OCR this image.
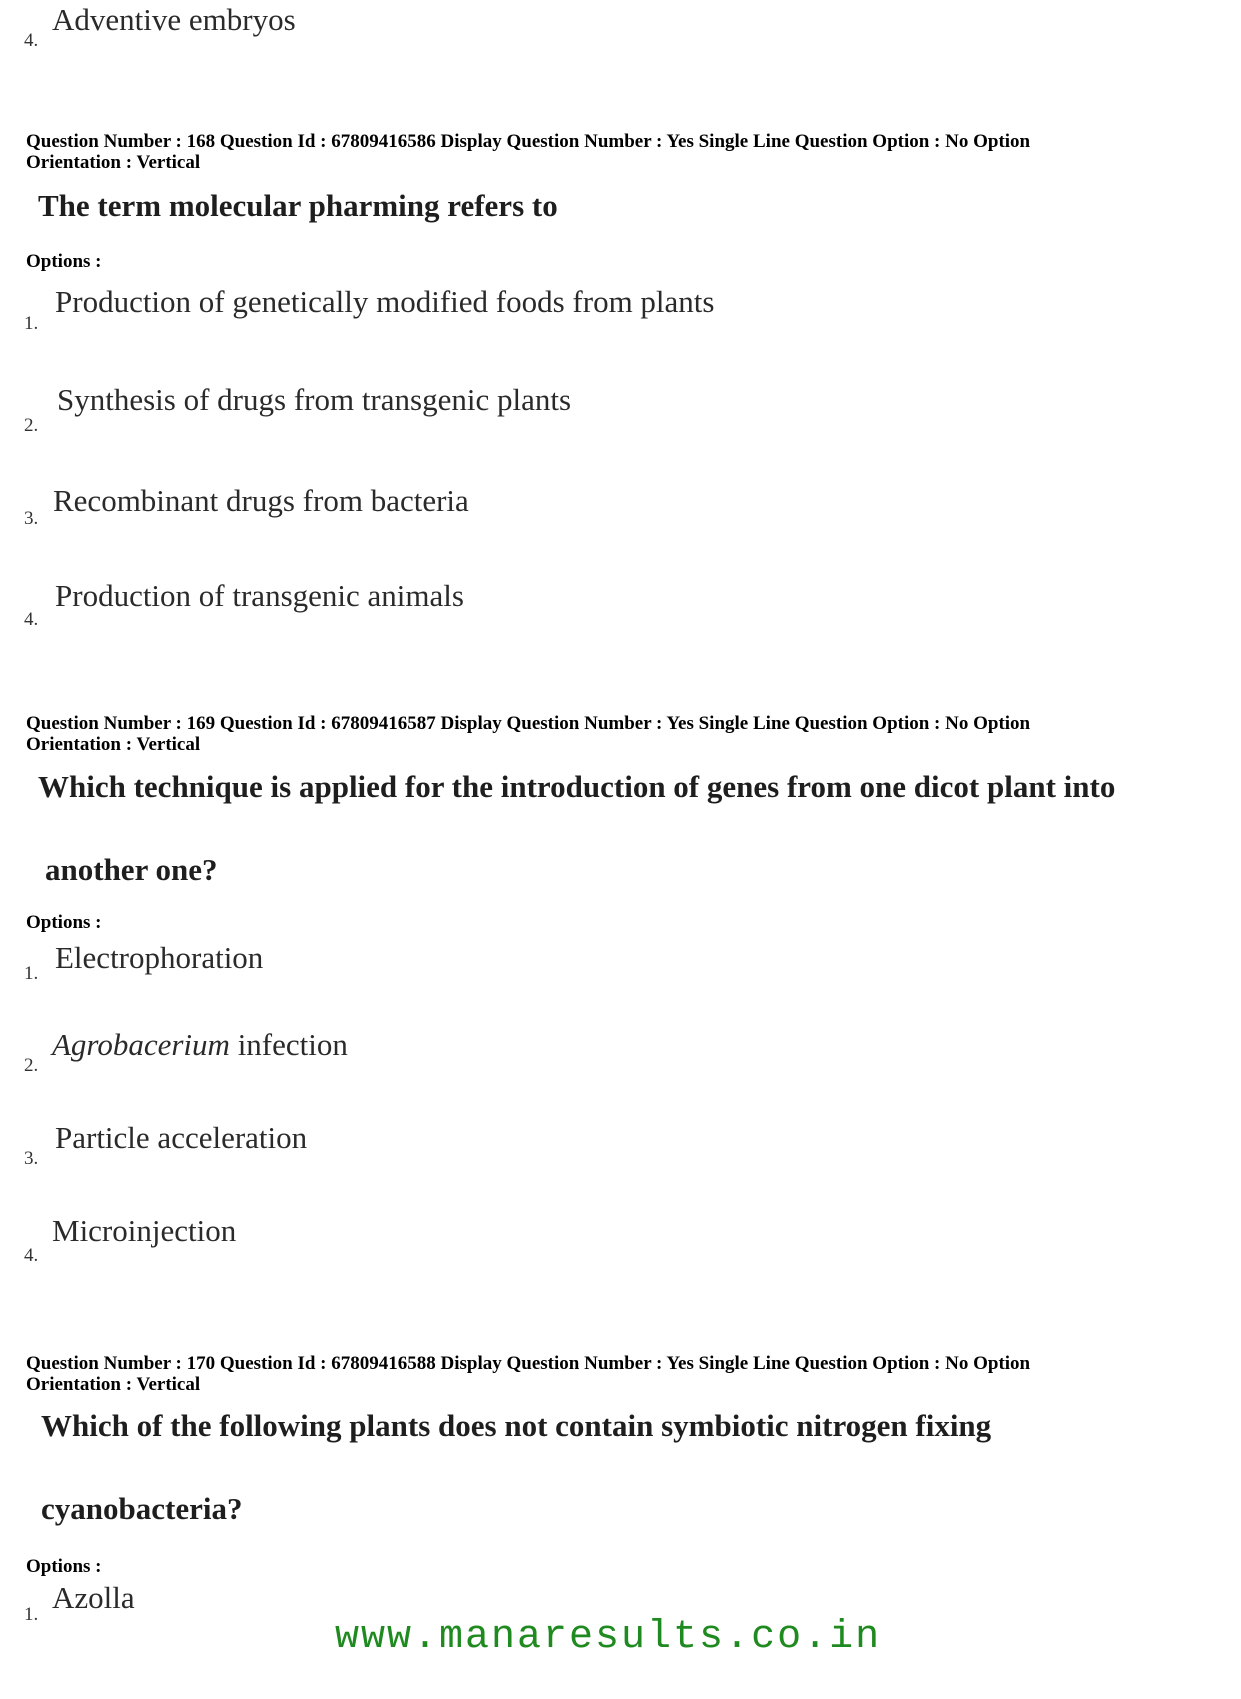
4.
Adventive embryos
Question Number : 168 Question Id : 67809416586 Display Question Number : Yes Single Line Question Option : No Option
Orientation : Vertical
The term molecular pharming refers to
Options :
1.
Production of genetically modified foods from plants
2.
Synthesis of drugs from transgenic plants
3.
Recombinant drugs from bacteria
4.
Production of transgenic animals
Question Number : 169 Question Id : 67809416587 Display Question Number : Yes Single Line Question Option : No Option
Orientation : Vertical
Which technique is applied for the introduction of genes from one dicot plant into
another one?
Options :
1. Electrophoration
2.
Agrobacerium infection
3.
Particle acceleration
4.
Microinjection
Question Number : 170 Question Id : 67809416588 Display Question Number : Yes Single Line Question Option : No Option
Orientation : Vertical
Which of the following plants does not contain symbiotic nitrogen fixing
cyanobacteria?
Options :
1. Azolla
www.manaresults.co.in
